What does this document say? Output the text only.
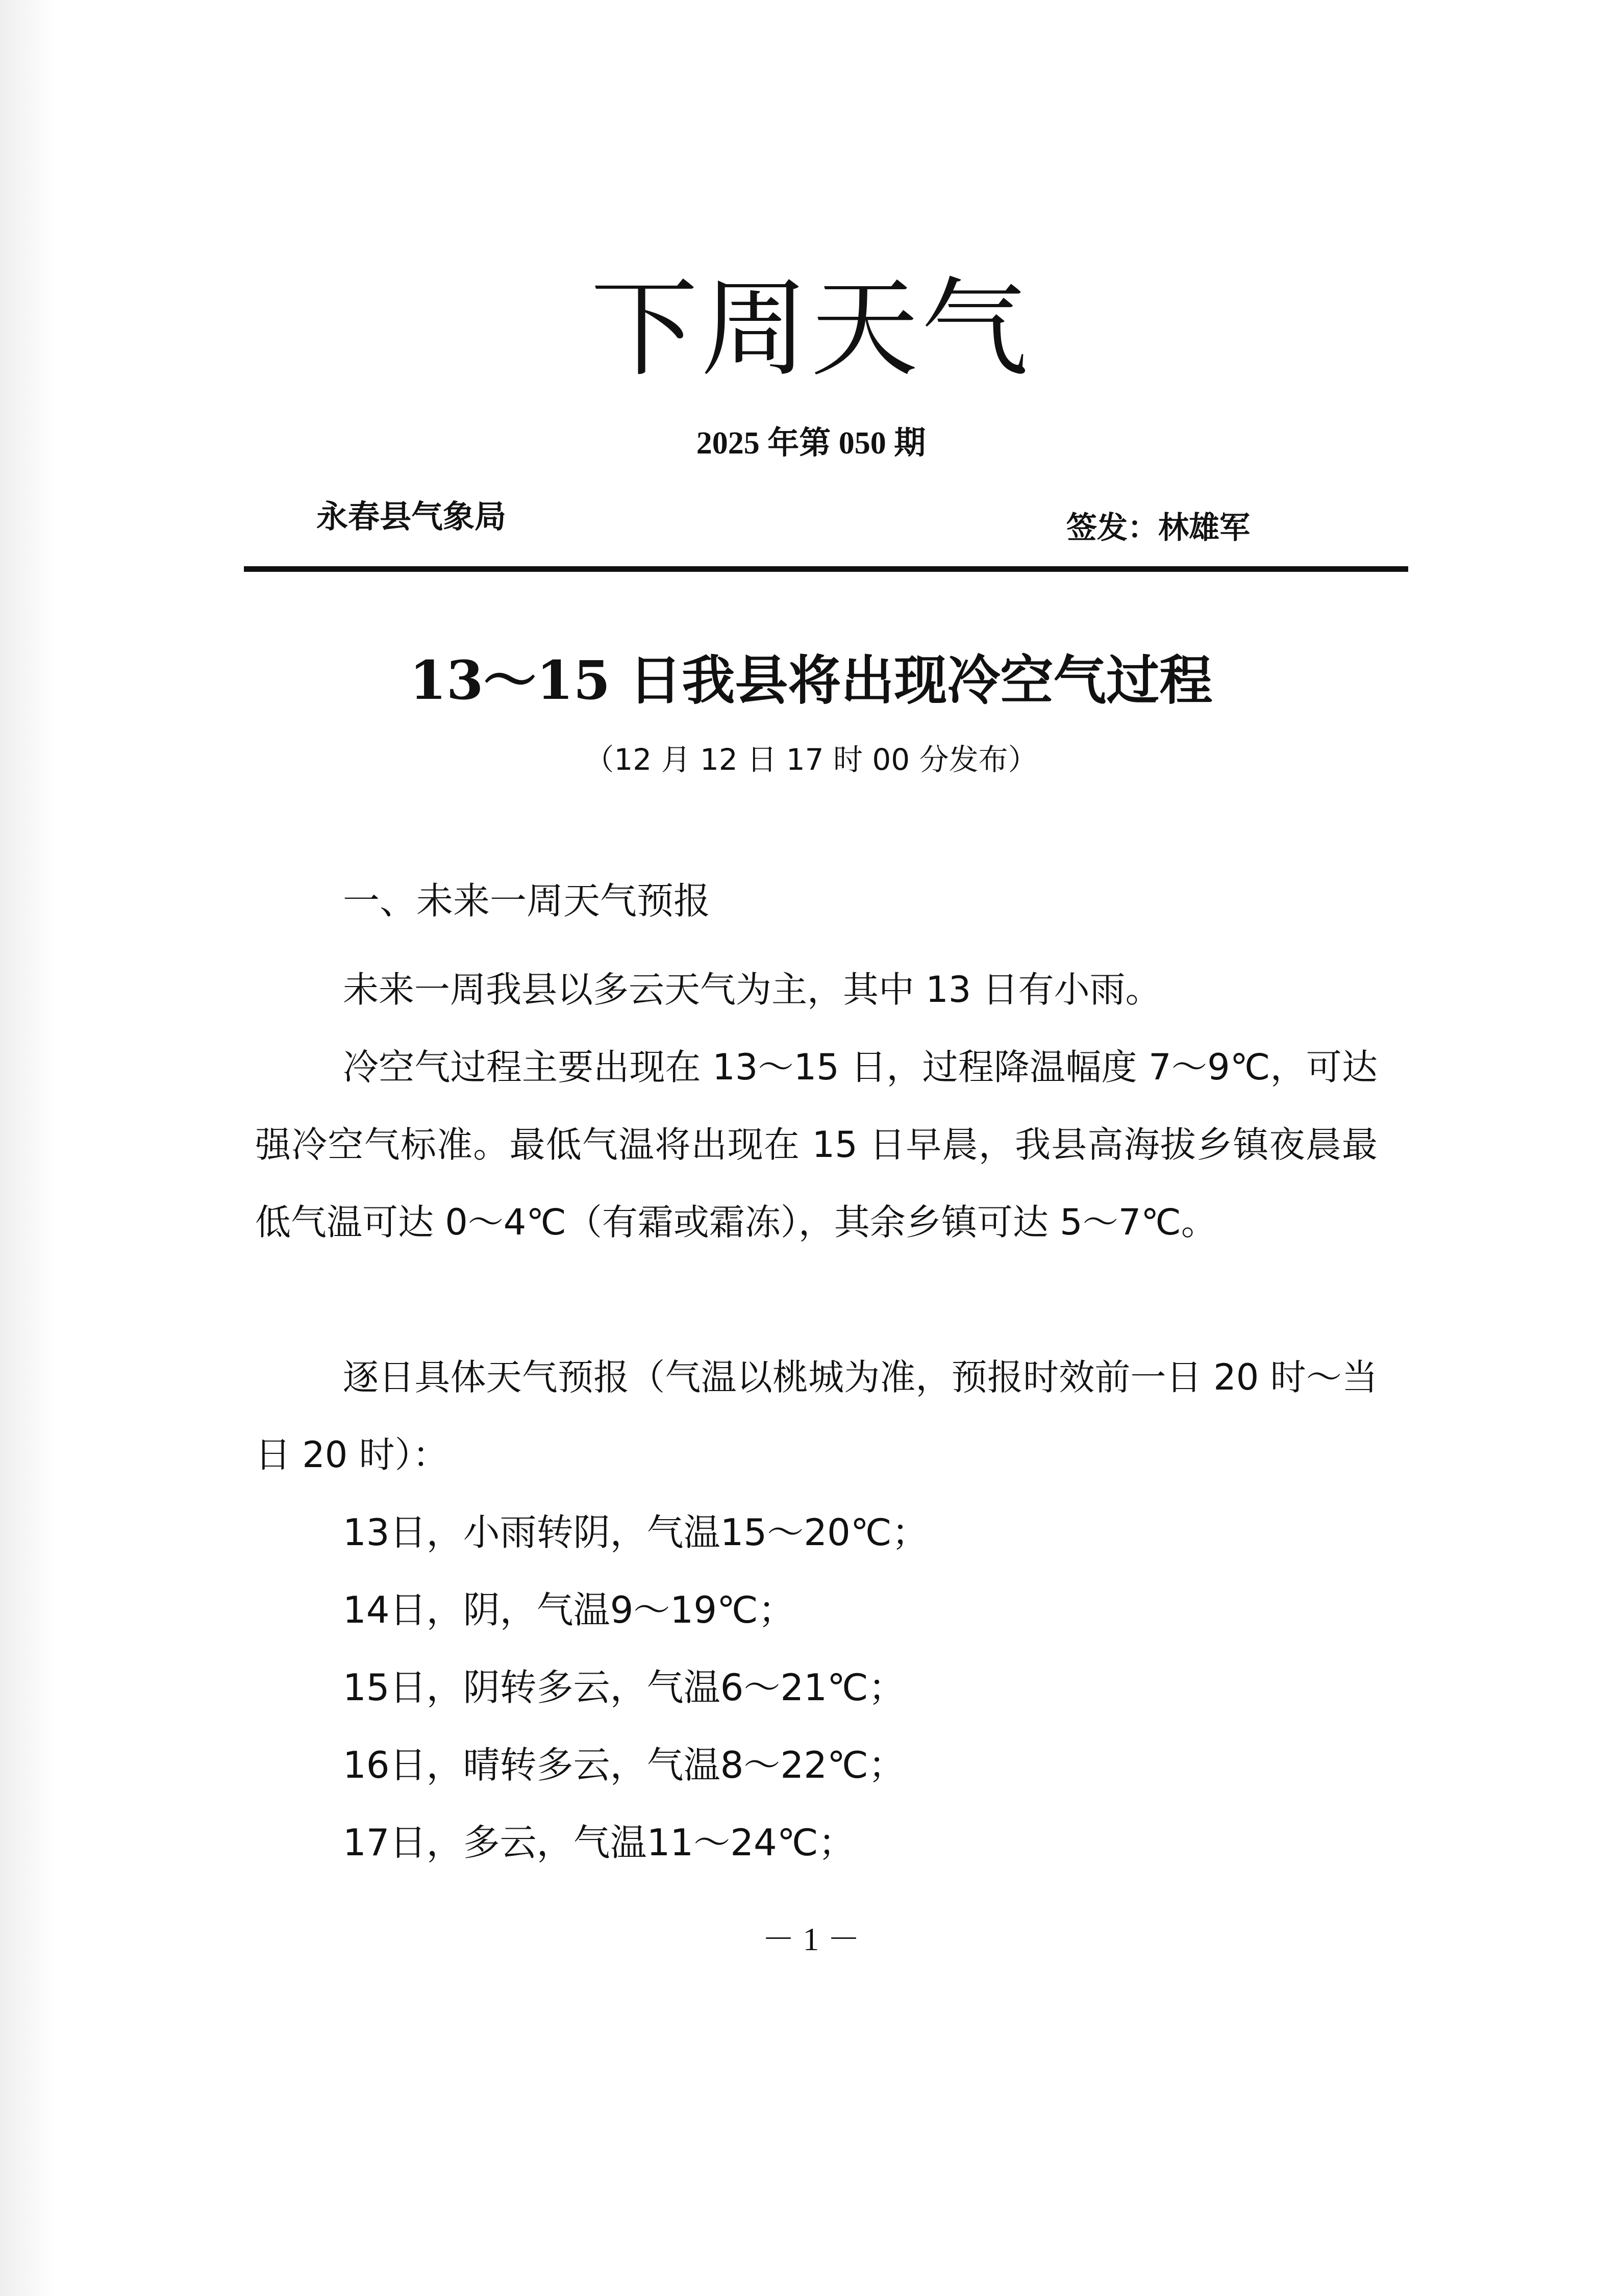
下周天气
2025 年第 050 期
永春县气象局	签发：林雄军
13～15 日我县将出现冷空气过程
（12 月 12 日 17 时 00 分发布）
一、未来一周天气预报

未来一周我县以多云天气为主，其中 13 日有小雨。

冷空气过程主要出现在 13～15 日，过程降温幅度 7～9℃，可达强冷空气标准。最低气温将出现在 15 日早晨，我县高海拔乡镇夜晨最低气温可达 0～4℃（有霜或霜冻），其余乡镇可达 5～7℃。

逐日具体天气预报（气温以桃城为准，预报时效前一日 20 时～当日 20 时）：

13日，小雨转阴，气温15～20℃；
14日，阴，气温9～19℃；
15日，阴转多云，气温6～21℃；
16日，晴转多云，气温8～22℃；
17日，多云，气温11～24℃；
－ 1 －
